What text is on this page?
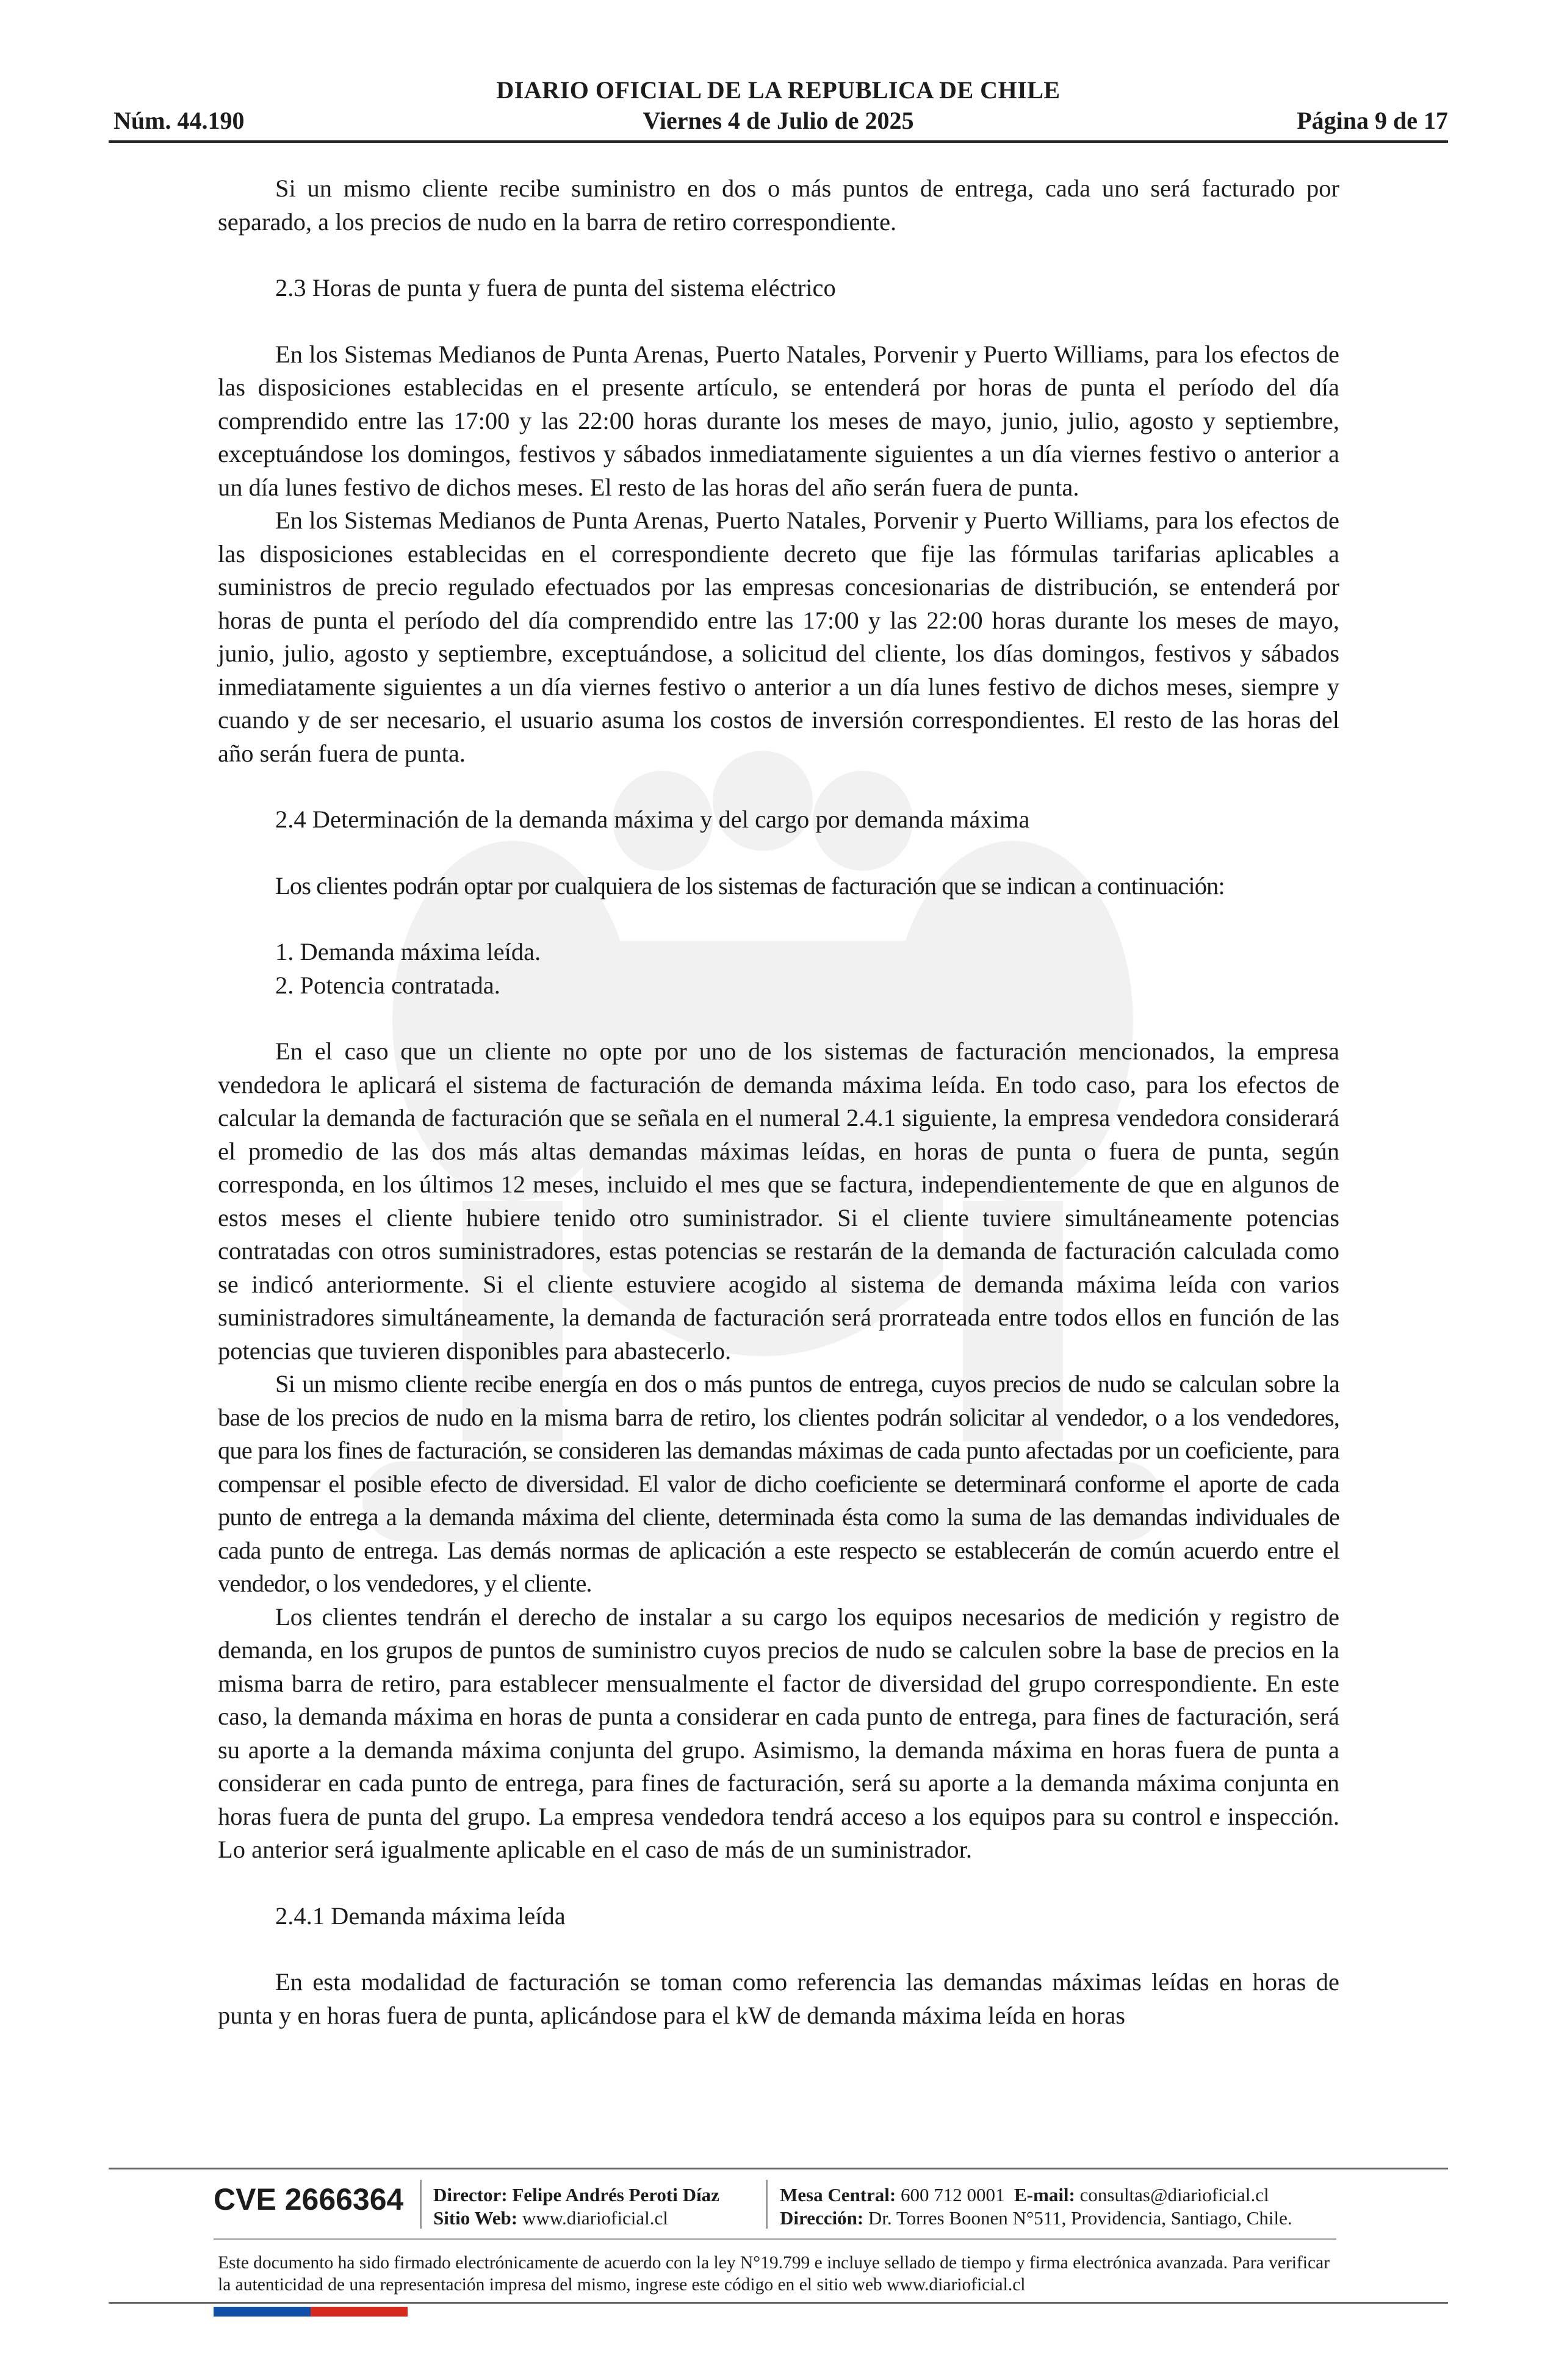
DIARIO OFICIAL DE LA REPUBLICA DE CHILE
Viernes 4 de Julio de 2025
Núm. 44.190	Página 9 de 17

Si un mismo cliente recibe suministro en dos o más puntos de entrega, cada uno será facturado por separado, a los precios de nudo en la barra de retiro correspondiente.

2.3 Horas de punta y fuera de punta del sistema eléctrico

En los Sistemas Medianos de Punta Arenas, Puerto Natales, Porvenir y Puerto Williams, para los efectos de las disposiciones establecidas en el presente artículo, se entenderá por horas de punta el período del día comprendido entre las 17:00 y las 22:00 horas durante los meses de mayo, junio, julio, agosto y septiembre, exceptuándose los domingos, festivos y sábados inmediatamente siguientes a un día viernes festivo o anterior a un día lunes festivo de dichos meses. El resto de las horas del año serán fuera de punta.

En los Sistemas Medianos de Punta Arenas, Puerto Natales, Porvenir y Puerto Williams, para los efectos de las disposiciones establecidas en el correspondiente decreto que fije las fórmulas tarifarias aplicables a suministros de precio regulado efectuados por las empresas concesionarias de distribución, se entenderá por horas de punta el período del día comprendido entre las 17:00 y las 22:00 horas durante los meses de mayo, junio, julio, agosto y septiembre, exceptuándose, a solicitud del cliente, los días domingos, festivos y sábados inmediatamente siguientes a un día viernes festivo o anterior a un día lunes festivo de dichos meses, siempre y cuando y de ser necesario, el usuario asuma los costos de inversión correspondientes. El resto de las horas del año serán fuera de punta.

2.4 Determinación de la demanda máxima y del cargo por demanda máxima

Los clientes podrán optar por cualquiera de los sistemas de facturación que se indican a continuación:

1. Demanda máxima leída.
2. Potencia contratada.

En el caso que un cliente no opte por uno de los sistemas de facturación mencionados, la empresa vendedora le aplicará el sistema de facturación de demanda máxima leída. En todo caso, para los efectos de calcular la demanda de facturación que se señala en el numeral 2.4.1 siguiente, la empresa vendedora considerará el promedio de las dos más altas demandas máximas leídas, en horas de punta o fuera de punta, según corresponda, en los últimos 12 meses, incluido el mes que se factura, independientemente de que en algunos de estos meses el cliente hubiere tenido otro suministrador. Si el cliente tuviere simultáneamente potencias contratadas con otros suministradores, estas potencias se restarán de la demanda de facturación calculada como se indicó anteriormente. Si el cliente estuviere acogido al sistema de demanda máxima leída con varios suministradores simultáneamente, la demanda de facturación será prorrateada entre todos ellos en función de las potencias que tuvieren disponibles para abastecerlo.

Si un mismo cliente recibe energía en dos o más puntos de entrega, cuyos precios de nudo se calculan sobre la base de los precios de nudo en la misma barra de retiro, los clientes podrán solicitar al vendedor, o a los vendedores, que para los fines de facturación, se consideren las demandas máximas de cada punto afectadas por un coeficiente, para compensar el posible efecto de diversidad. El valor de dicho coeficiente se determinará conforme el aporte de cada punto de entrega a la demanda máxima del cliente, determinada ésta como la suma de las demandas individuales de cada punto de entrega. Las demás normas de aplicación a este respecto se establecerán de común acuerdo entre el vendedor, o los vendedores, y el cliente.

Los clientes tendrán el derecho de instalar a su cargo los equipos necesarios de medición y registro de demanda, en los grupos de puntos de suministro cuyos precios de nudo se calculen sobre la base de precios en la misma barra de retiro, para establecer mensualmente el factor de diversidad del grupo correspondiente. En este caso, la demanda máxima en horas de punta a considerar en cada punto de entrega, para fines de facturación, será su aporte a la demanda máxima conjunta del grupo. Asimismo, la demanda máxima en horas fuera de punta a considerar en cada punto de entrega, para fines de facturación, será su aporte a la demanda máxima conjunta en horas fuera de punta del grupo. La empresa vendedora tendrá acceso a los equipos para su control e inspección. Lo anterior será igualmente aplicable en el caso de más de un suministrador.

2.4.1 Demanda máxima leída

En esta modalidad de facturación se toman como referencia las demandas máximas leídas en horas de punta y en horas fuera de punta, aplicándose para el kW de demanda máxima leída en horas

CVE 2666364 Director: Felipe Andrés Peroti Díaz
Sitio Web: www.diarioficial.cl
Mesa Central: 600 712 0001 E-mail: consultas@diarioficial.cl
Dirección: Dr. Torres Boonen N°511, Providencia, Santiago, Chile.
Este documento ha sido firmado electrónicamente de acuerdo con la ley N°19.799 e incluye sellado de tiempo y firma electrónica avanzada. Para verificar la autenticidad de una representación impresa del mismo, ingrese este código en el sitio web www.diarioficial.cl
